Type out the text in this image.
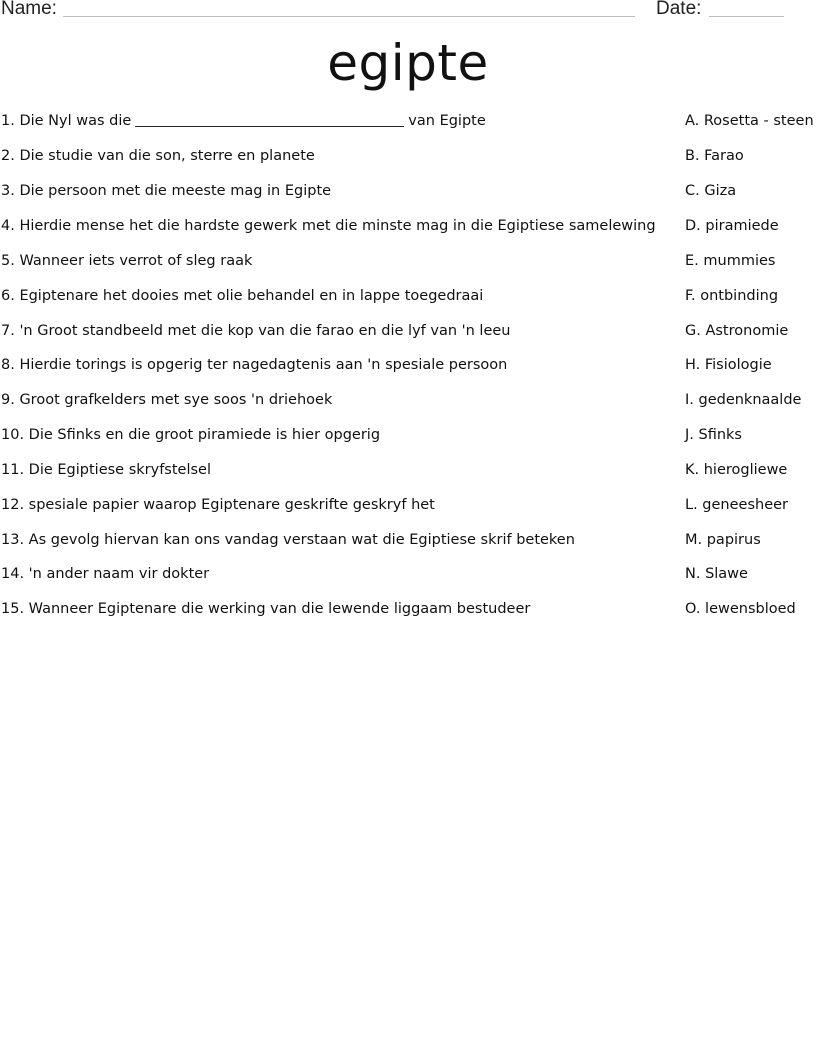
Name:	Date:
egipte
1. Die Nyl was die	van Egipte
2. Die studie van die son, sterre en planete
3. Die persoon met die meeste mag in Egipte
4. Hierdie mense het die hardste gewerk met die minste mag in die Egiptiese samelewing
5. Wanneer iets verrot of sleg raak
6. Egiptenare het dooies met olie behandel en in lappe toegedraai
7. 'n Groot standbeeld met die kop van die farao en die lyf van 'n leeu
8. Hierdie torings is opgerig ter nagedagtenis aan 'n spesiale persoon
9. Groot grafkelders met sye soos 'n driehoek
10. Die Sfinks en die groot piramiede is hier opgerig
11. Die Egiptiese skryfstelsel
12. spesiale papier waarop Egiptenare geskrifte geskryf het
13. As gevolg hiervan kan ons vandag verstaan wat die Egiptiese skrif beteken
14. 'n ander naam vir dokter
15. Wanneer Egiptenare die werking van die lewende liggaam bestudeer
A. Rosetta - steen
B. Farao
C. Giza
D. piramiede
E. mummies
F. ontbinding
G. Astronomie
H. Fisiologie
I. gedenknaalde
J. Sfinks
K. hierogliewe
L. geneesheer
M. papirus
N. Slawe
O. lewensbloed
